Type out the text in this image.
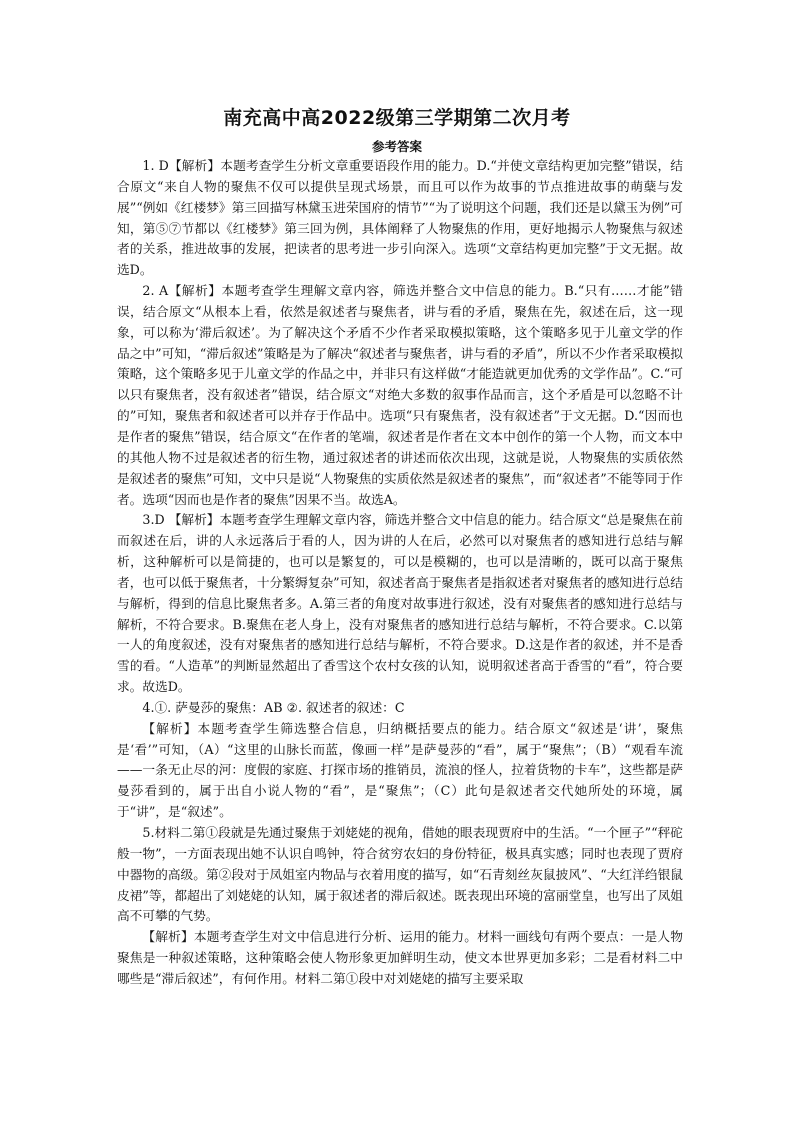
南充高中高2022级第三学期第二次月考
参考答案

1. D【解析】本题考查学生分析文章重要语段作用的能力。D.“并使文章结构更加完整”错误，结合原文“来自人物的聚焦不仅可以提供呈现式场景，而且可以作为故事的节点推进故事的萌蘖与发展”“例如《红楼梦》第三回描写林黛玉进荣国府的情节”“为了说明这个问题，我们还是以黛玉为例”可知，第⑤⑦节都以《红楼梦》第三回为例，具体阐释了人物聚焦的作用，更好地揭示人物聚焦与叙述者的关系，推进故事的发展，把读者的思考进一步引向深入。选项“文章结构更加完整”于文无据。故选D。

2. A【解析】本题考查学生理解文章内容，筛选并整合文中信息的能力。B.“只有……才能”错误，结合原文“从根本上看，依然是叙述者与聚焦者，讲与看的矛盾，聚焦在先，叙述在后，这一现象，可以称为‘滞后叙述’。为了解决这个矛盾不少作者采取模拟策略，这个策略多见于儿童文学的作品之中”可知，“滞后叙述”策略是为了解决“叙述者与聚焦者，讲与看的矛盾”，所以不少作者采取模拟策略，这个策略多见于儿童文学的作品之中，并非只有这样做“才能造就更加优秀的文学作品”。C.“可以只有聚焦者，没有叙述者”错误，结合原文“对绝大多数的叙事作品而言，这个矛盾是可以忽略不计的”可知，聚焦者和叙述者可以并存于作品中。选项“只有聚焦者，没有叙述者”于文无据。D.“因而也是作者的聚焦”错误，结合原文“在作者的笔端，叙述者是作者在文本中创作的第一个人物，而文本中的其他人物不过是叙述者的衍生物，通过叙述者的讲述而依次出现，这就是说，人物聚焦的实质依然是叙述者的聚焦”可知，文中只是说“人物聚焦的实质依然是叙述者的聚焦”，而“叙述者”不能等同于作者。选项“因而也是作者的聚焦”因果不当。故选A。

3.D 【解析】本题考查学生理解文章内容，筛选并整合文中信息的能力。结合原文“总是聚焦在前而叙述在后，讲的人永远落后于看的人，因为讲的人在后，必然可以对聚焦者的感知进行总结与解析，这种解析可以是简捷的，也可以是繁复的，可以是模糊的，也可以是清晰的，既可以高于聚焦者，也可以低于聚焦者，十分繁缛复杂”可知，叙述者高于聚焦者是指叙述者对聚焦者的感知进行总结与解析，得到的信息比聚焦者多。A.第三者的角度对故事进行叙述，没有对聚焦者的感知进行总结与解析，不符合要求。B.聚焦在老人身上，没有对聚焦者的感知进行总结与解析，不符合要求。C.以第一人的角度叙述，没有对聚焦者的感知进行总结与解析，不符合要求。D.这是作者的叙述，并不是香雪的看。“人造革”的判断显然超出了香雪这个农村女孩的认知，说明叙述者高于香雪的“看”，符合要求。故选D。

4.①. 萨曼莎的聚焦：AB ②. 叙述者的叙述：C

【解析】本题考查学生筛选整合信息，归纳概括要点的能力。结合原文“叙述是‘讲’，聚焦是‘看’”可知，（A）“这里的山脉长而蓝，像画一样”是萨曼莎的“看”，属于“聚焦”；（B）“观看车流——一条无止尽的河：度假的家庭、打探市场的推销员，流浪的怪人，拉着货物的卡车”，这些都是萨曼莎看到的，属于出自小说人物的“看”，是“聚焦”；（C）此句是叙述者交代她所处的环境，属于“讲”，是“叙述”。

5.材料二第①段就是先通过聚焦于刘姥姥的视角，借她的眼表现贾府中的生活。“一个匣子”“秤砣般一物”，一方面表现出她不认识自鸣钟，符合贫穷农妇的身份特征，极具真实感；同时也表现了贾府中器物的高级。第②段对于凤姐室内物品与衣着用度的描写，如“石青刻丝灰鼠披风”、“大红洋绉银鼠皮裙”等，都超出了刘姥姥的认知，属于叙述者的滞后叙述。既表现出环境的富丽堂皇，也写出了凤姐高不可攀的气势。

【解析】本题考查学生对文中信息进行分析、运用的能力。材料一画线句有两个要点：一是人物聚焦是一种叙述策略，这种策略会使人物形象更加鲜明生动，使文本世界更加多彩；二是看材料二中哪些是“滞后叙述”，有何作用。材料二第①段中对刘姥姥的描写主要采取
